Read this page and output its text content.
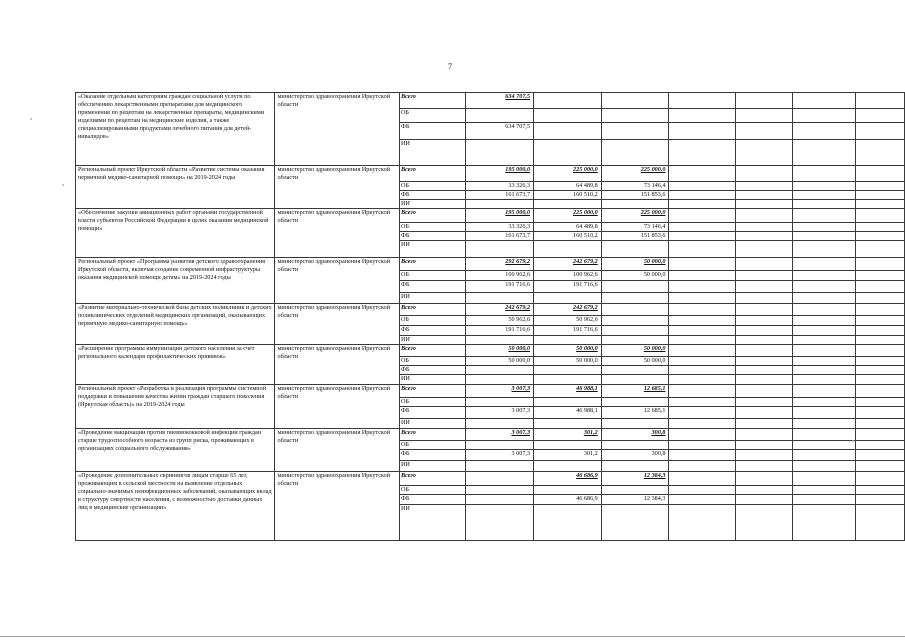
7
«Оказание отдельным категориям граждан социальной услуги по обеспечению лекарственными препаратами для медицинского применения по рецептам на лекарственные препараты, медицинскими изделиями по рецептам на медицинские изделия, а также специализированными продуктами лечебного питания для детей-инвалидов»	министерство здравоохранения Иркутской области	Всего	634 707,5						
		ОБ							
		ФБ	634 707,5						
		ИИ							
Региональный проект Иркутской области «Развитие системы оказания первичной медико-санитарной помощи» на 2019-2024 годы	министерство здравоохранения Иркутской области	Всего	195 000,0	225 000,0	225 000,0				
		ОБ	33 326,3	64 489,8	73 146,4				
		ФБ	161 673,7	160 510,2	151 853,6				
		ИИ							
«Обеспечение закупки авиационных работ органами государственной власти субъектов Российской Федерации в целях оказания медицинской помощи»	министерство здравоохранения Иркутской области	Всего	195 000,0	225 000,0	225 000,0				
		ОБ	33 326,3	64 489,8	73 146,4				
		ФБ	161 673,7	160 510,2	151 853,6				
		ИИ							
Региональный проект «Программа развития детского здравоохранения Иркутской области, включая создание современной инфраструктуры оказания медицинской помощи детям» на 2019-2024 годы	министерство здравоохранения Иркутской области	Всего	292 679,2	242 679,2	50 000,0				
		ОБ	100 962,6	100 962,6	50 000,0				
		ФБ	191 716,6	191 716,6					
		ИИ							
«Развитие материально-технической базы детских поликлиник и детских поликлинических отделений медицинских организаций, оказывающих первичную медико-санитарную помощь»	министерство здравоохранения Иркутской области	Всего	242 679,2	242 679,2					
		ОБ	50 962,6	50 962,6					
		ФБ	191 716,6	191 716,6					
		ИИ							
«Расширение программы иммунизации детского населения за счет регионального календаря профилактических прививок»	министерство здравоохранения Иркутской области	Всего	50 000,0	50 000,0	50 000,0				
		ОБ	50 000,0	50 000,0	50 000,0				
		ФБ							
		ИИ							
Региональный проект «Разработка и реализация программы системной поддержки и повышения качества жизни граждан старшего поколения (Иркутская область)» на 2019-2024 годы	министерство здравоохранения Иркутской области	Всего	3 007,3	46 988,1	12 685,1				
		ОБ							
		ФБ	3 007,3	46 988,1	12 685,1				
		ИИ							
«Проведение вакцинации против пневмококковой инфекции граждан старше трудоспособного возраста из групп риска, проживающих в организациях социального обслуживания»	министерство здравоохранения Иркутской области	Всего	3 007,3	301,2	300,8				
		ОБ							
		ФБ	3 007,3	301,2	300,8				
		ИИ							
«Проведение дополнительных скринингов лицам старше 65 лет, проживающим в сельской местности на выявление отдельных социально-значимых неинфекционных заболеваний, оказывающих вклад в структуру смертности населения, с возможностью доставки данных лиц в медицинские организации»	министерство здравоохранения Иркутской области	Всего		46 686,9	12 384,3				
		ОБ							
		ФБ		46 686,9	12 384,3				
		ИИ							
